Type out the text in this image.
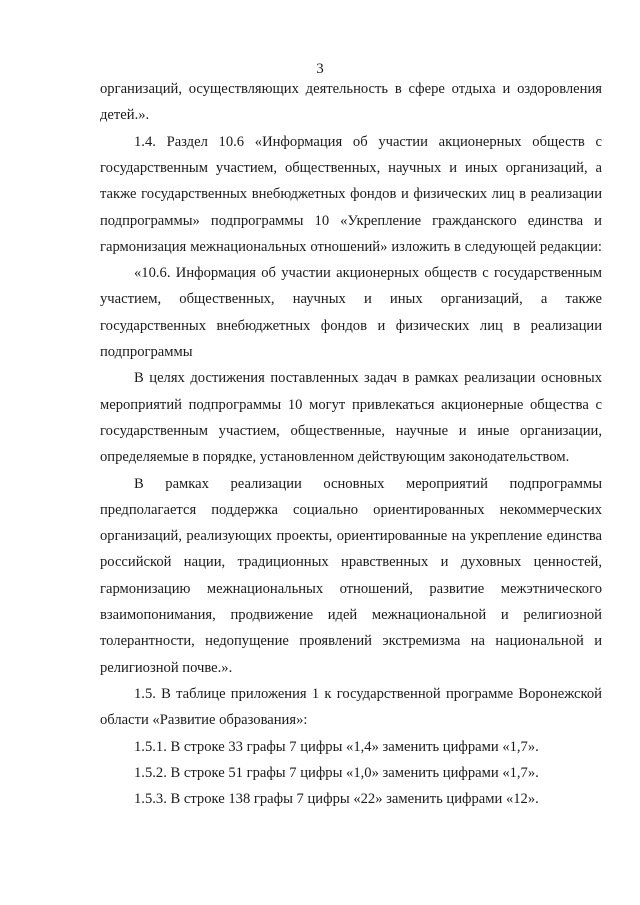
3
организаций, осуществляющих деятельность в сфере отдыха и оздоровления
детей.».
1.4. Раздел 10.6 «Информация об участии акционерных обществ с
государственным участием, общественных, научных и иных организаций, а
также государственных внебюджетных фондов и физических лиц в реализации
подпрограммы» подпрограммы 10 «Укрепление гражданского единства и
гармонизация межнациональных отношений» изложить в следующей редакции:
«10.6. Информация об участии акционерных обществ с государственным
участием, общественных, научных и иных организаций, а также
государственных внебюджетных фондов и физических лиц в реализации
подпрограммы
В целях достижения поставленных задач в рамках реализации основных
мероприятий подпрограммы 10 могут привлекаться акционерные общества с
государственным участием, общественные, научные и иные организации,
определяемые в порядке, установленном действующим законодательством.
В рамках реализации основных мероприятий подпрограммы
предполагается поддержка социально ориентированных некоммерческих
организаций, реализующих проекты, ориентированные на укрепление единства
российской нации, традиционных нравственных и духовных ценностей,
гармонизацию межнациональных отношений, развитие межэтнического
взаимопонимания, продвижение идей межнациональной и религиозной
толерантности, недопущение проявлений экстремизма на национальной и
религиозной почве.».
1.5. В таблице приложения 1 к государственной программе Воронежской
области «Развитие образования»:
1.5.1. В строке 33 графы 7 цифры «1,4» заменить цифрами «1,7».
1.5.2. В строке 51 графы 7 цифры «1,0» заменить цифрами «1,7».
1.5.3. В строке 138 графы 7 цифры «22» заменить цифрами «12».
